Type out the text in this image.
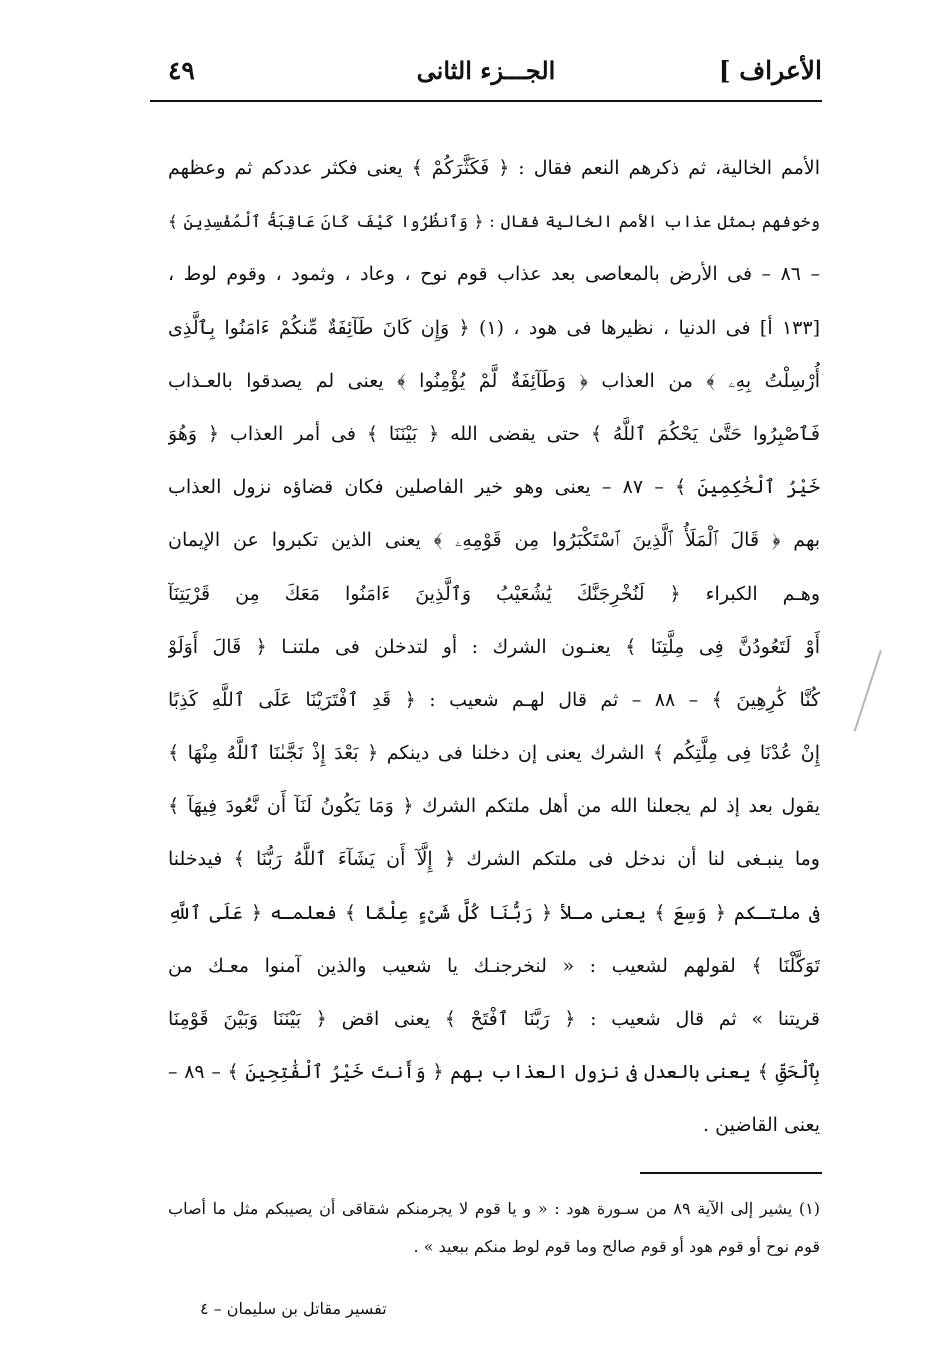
الأعراف ]
الجـــزء الثانى
٤٩
الأمم الخالية، ثم ذكرهم النعم فقال : ﴿ فَكَثَّرَكُمْ ﴾ يعنى فكثر عددكم ثم وعظهم
وخوفهم بمثل عذاب الأمم الخالية فقال : ﴿ وَٱنظُرُوا كَيْفَ كَانَ عَاقِبَةُ ٱلْمُفْسِدِينَ ﴾
– ٨٦ – فى الأرض بالمعاصى بعد عذاب قوم نوح ، وعاد ، وثمود ، وقوم لوط ،
[١٣٣ أ] فى الدنيا ، نظيرها فى هود ، (١) ﴿ وَإِن كَانَ طَآئِفَةٌ مِّنكُمْ ءَامَنُوا بِٱلَّذِى
أُرْسِلْتُ بِهِۦ ﴾ من العذاب ﴿ وَطَآئِفَةٌ لَّمْ يُؤْمِنُوا ﴾ يعنى لم يصدقوا بالعـذاب
فَٱصْبِرُوا حَتَّىٰ يَحْكُمَ ٱللَّهُ ﴾ حتى يقضى الله ﴿ بَيْنَنَا ﴾ فى أمر العذاب ﴿ وَهُوَ
خَيْرُ ٱلْحَٰكِمِينَ ﴾ – ٨٧ – يعنى وهو خير الفاصلين فكان قضاؤه نزول العذاب
بهم ﴿ قَالَ ٱلْمَلَأُ ٱلَّذِينَ ٱسْتَكْبَرُوا مِن قَوْمِهِۦ ﴾ يعنى الذين تكبروا عن الإيمان
وهـم الكبراء ﴿ لَنُخْرِجَنَّكَ يَٰشُعَيْبُ وَٱلَّذِينَ ءَامَنُوا مَعَكَ مِن قَرْيَتِنَآ
أَوْ لَتَعُودُنَّ فِى مِلَّتِنَا ﴾ يعنـون الشرك : أو لتدخلن فى ملتنـا ﴿ قَالَ أَوَلَوْ
كُنَّا كَٰرِهِينَ ﴾ – ٨٨ – ثم قال لهـم شعيب : ﴿ قَدِ ٱفْتَرَيْنَا عَلَى ٱللَّهِ كَذِبًا
إِنْ عُدْنَا فِى مِلَّتِكُم ﴾ الشرك يعنى إن دخلنا فى دينكم ﴿ بَعْدَ إِذْ نَجَّىٰنَا ٱللَّهُ مِنْهَا ﴾
يقول بعد إذ لم يجعلنا الله من أهل ملتكم الشرك ﴿ وَمَا يَكُونُ لَنَآ أَن نَّعُودَ فِيهَآ ﴾
وما ينبـغى لنا أن ندخل فى ملتكم الشرك ﴿ إِلَّآ أَن يَشَآءَ ٱللَّهُ رَبُّنَا ﴾ فيدخلنا
فى ملتـكم ﴿ وَسِعَ ﴾ يعنى مـلأ ﴿ رَبُّنَا كُلَّ شَىْءٍ عِلْمًا ﴾ فعلمـه ﴿ عَلَى ٱللَّهِ
تَوَكَّلْنَا ﴾ لقولهم لشعيب : « لنخرجنـك يا شعيب والذين آمنوا معـك من
قريتنا » ثم قال شعيب : ﴿ رَبَّنَا ٱفْتَحْ ﴾ يعنى اقض ﴿ بَيْنَنَا وَبَيْنَ قَوْمِنَا
بِٱلْحَقِّ ﴾ يعنى بالعدل فى نزول العذاب بهم ﴿ وَأَنتَ خَيْرُ ٱلْفَٰتِحِينَ ﴾ – ٨٩ –
يعنى القاضين .
(١) يشير إلى الآية ٨٩ من سـورة هود : « و يا قوم لا يجرمنكم شقاقى أن يصيبكم مثل ما أصاب
قوم نوح أو قوم هود أو قوم صالح وما قوم لوط منكم ببعيد » .
تفسير مقاتل بن سليمان – ٤
